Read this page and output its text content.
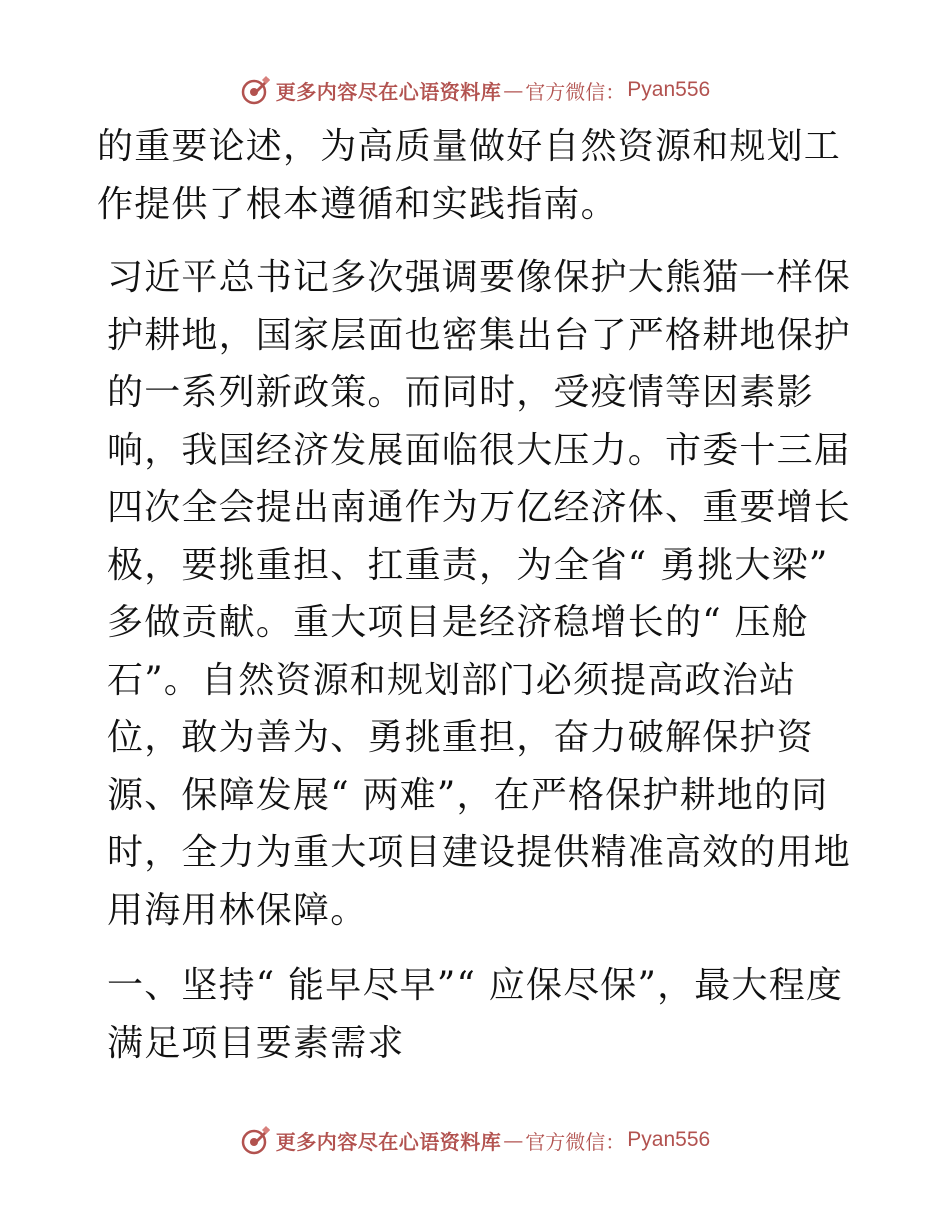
更多内容尽在心语资料库 — 官方微信： Pyan556

的重要论述，为高质量做好自然资源和规划工作提供了根本遵循和实践指南。

习近平总书记多次强调要像保护大熊猫一样保护耕地，国家层面也密集出台了严格耕地保护的一系列新政策。而同时，受疫情等因素影响，我国经济发展面临很大压力。市委十三届四次全会提出南通作为万亿经济体、重要增长极，要挑重担、扛重责，为全省“ 勇挑大梁” 多做贡献。重大项目是经济稳增长的“ 压舱石”。自然资源和规划部门必须提高政治站位，敢为善为、勇挑重担，奋力破解保护资源、保障发展“ 两难”，在严格保护耕地的同时，全力为重大项目建设提供精准高效的用地用海用林保障。

一、坚持“ 能早尽早”“ 应保尽保”，最大程度满足项目要素需求

更多内容尽在心语资料库 — 官方微信： Pyan556
